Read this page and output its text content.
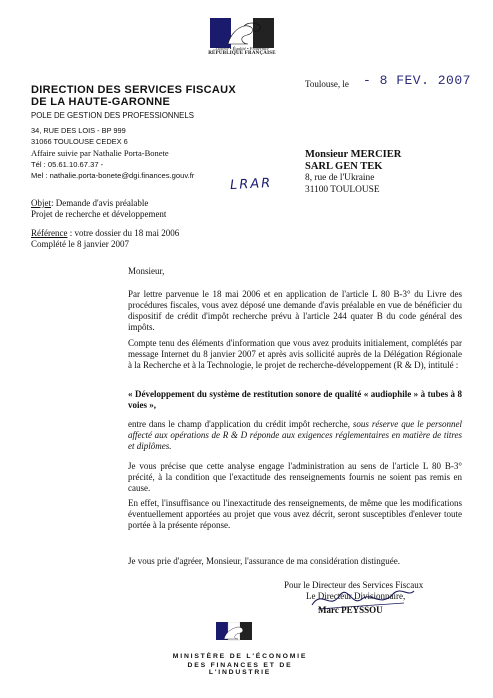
Liberté • Égalité • Fraternité
RÉPUBLIQUE FRANÇAISE
DIRECTION DES SERVICES FISCAUX
DE LA HAUTE-GARONNE
POLE DE GESTION DES PROFESSIONNELS
34, RUE DES LOIS - BP 999
31066 TOULOUSE CEDEX 6
Toulouse, le - 8 FEV. 2007
Affaire suivie par Nathalie Porta-Bonete
Tél : 05.61.10.67.37 -
Mel : nathalie.porta-bonete@dgi.finances.gouv.fr
LRAR
Monsieur MERCIER
SARL GEN TEK
8, rue de l'Ukraine
31100 TOULOUSE
Objet: Demande d'avis préalable
Projet de recherche et développement
Référence : votre dossier du 18 mai 2006
Complété le 8 janvier 2007
Monsieur,
Par lettre parvenue le 18 mai 2006 et en application de l'article L 80 B-3° du Livre des procédures fiscales, vous avez déposé une demande d'avis préalable en vue de bénéficier du dispositif de crédit d'impôt recherche prévu à l'article 244 quater B du code général des impôts.
Compte tenu des éléments d'information que vous avez produits initialement, complétés par message Internet du 8 janvier 2007 et après avis sollicité auprès de la Délégation Régionale à la Recherche et à la Technologie, le projet de recherche-développement (R & D), intitulé :
« Développement du système de restitution sonore de qualité « audiophile » à tubes à 8 voies »,
entre dans le champ d'application du crédit impôt recherche, sous réserve que le personnel affecté aux opérations de R & D réponde aux exigences réglementaires en matière de titres et diplômes.
Je vous précise que cette analyse engage l'administration au sens de l'article L 80 B-3° précité, à la condition que l'exactitude des renseignements fournis ne soient pas remis en cause.
En effet, l'insuffisance ou l'inexactitude des renseignements, de même que les modifications éventuellement apportées au projet que vous avez décrit, seront susceptibles d'enlever toute portée à la présente réponse.
Je vous prie d'agréer, Monsieur, l'assurance de ma considération distinguée.
Pour le Directeur des Services Fiscaux
Le Directeur Divisionnaire,
Marc PEYSSOU
MINISTÈRE DE L'ÉCONOMIE
DES FINANCES ET DE L'INDUSTRIE
